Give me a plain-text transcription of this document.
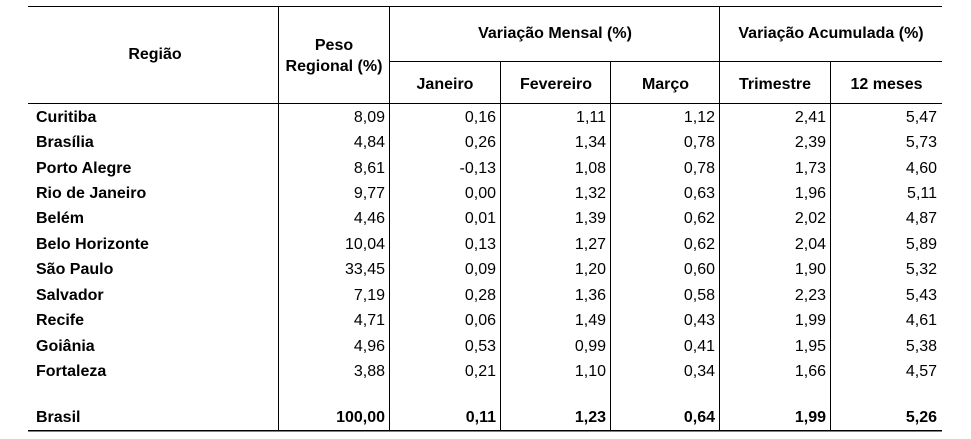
Região
Peso
Regional (%)
Variação Mensal (%)	Variação Acumulada (%)
Janeiro	Fevereiro	Março	Trimestre	12 meses
Curitiba	8,09	0,16	1,11	1,12	2,41	5,47
Brasília	4,84	0,26	1,34	0,78	2,39	5,73
Porto Alegre	8,61	-0,13	1,08	0,78	1,73	4,60
Rio de Janeiro	9,77	0,00	1,32	0,63	1,96	5,11
Belém	4,46	0,01	1,39	0,62	2,02	4,87
Belo Horizonte	10,04	0,13	1,27	0,62	2,04	5,89
São Paulo	33,45	0,09	1,20	0,60	1,90	5,32
Salvador	7,19	0,28	1,36	0,58	2,23	5,43
Recife	4,71	0,06	1,49	0,43	1,99	4,61
Goiânia	4,96	0,53	0,99	0,41	1,95	5,38
Fortaleza	3,88	0,21	1,10	0,34	1,66	4,57
Brasil	100,00	0,11	1,23	0,64	1,99	5,26
